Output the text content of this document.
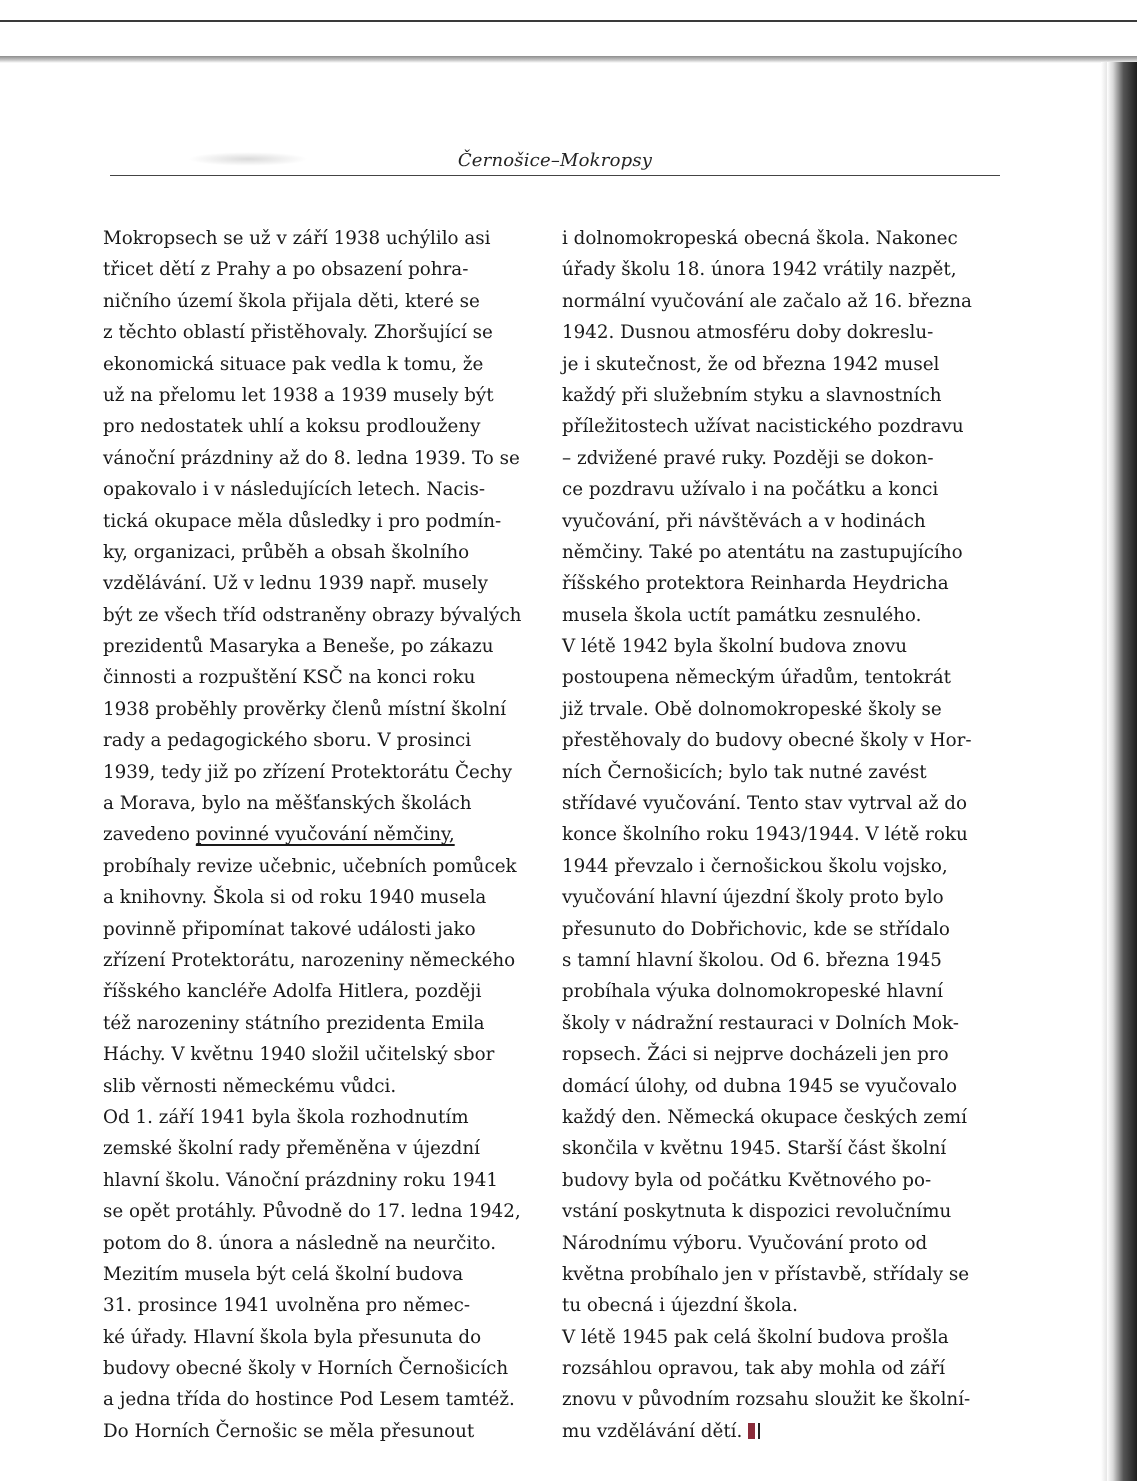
Černošice–Mokropsy
Mokropsech se už v září 1938 uchýlilo asi
třicet dětí z Prahy a po obsazení pohra-
ničního území škola přijala děti, které se
z těchto oblastí přistěhovaly. Zhoršující se
ekonomická situace pak vedla k tomu, že
už na přelomu let 1938 a 1939 musely být
pro nedostatek uhlí a koksu prodlouženy
vánoční prázdniny až do 8. ledna 1939. To se
opakovalo i v následujících letech. Nacis-
tická okupace měla důsledky i pro podmín-
ky, organizaci, průběh a obsah školního
vzdělávání. Už v lednu 1939 např. musely
být ze všech tříd odstraněny obrazy bývalých
prezidentů Masaryka a Beneše, po zákazu
činnosti a rozpuštění KSČ na konci roku
1938 proběhly prověrky členů místní školní
rady a pedagogického sboru. V prosinci
1939, tedy již po zřízení Protektorátu Čechy
a Morava, bylo na měšťanských školách
zavedeno povinné vyučování němčiny,
probíhaly revize učebnic, učebních pomůcek
a knihovny. Škola si od roku 1940 musela
povinně připomínat takové události jako
zřízení Protektorátu, narozeniny německého
říšského kancléře Adolfa Hitlera, později
též narozeniny státního prezidenta Emila
Háchy. V květnu 1940 složil učitelský sbor
slib věrnosti německému vůdci.
Od 1. září 1941 byla škola rozhodnutím
zemské školní rady přeměněna v újezdní
hlavní školu. Vánoční prázdniny roku 1941
se opět protáhly. Původně do 17. ledna 1942,
potom do 8. února a následně na neurčito.
Mezitím musela být celá školní budova
31. prosince 1941 uvolněna pro němec-
ké úřady. Hlavní škola byla přesunuta do
budovy obecné školy v Horních Černošicích
a jedna třída do hostince Pod Lesem tamtéž.
Do Horních Černošic se měla přesunout
i dolnomokropeská obecná škola. Nakonec
úřady školu 18. února 1942 vrátily nazpět,
normální vyučování ale začalo až 16. března
1942. Dusnou atmosféru doby dokreslu-
je i skutečnost, že od března 1942 musel
každý při služebním styku a slavnostních
příležitostech užívat nacistického pozdravu
– zdvižené pravé ruky. Později se dokon-
ce pozdravu užívalo i na počátku a konci
vyučování, při návštěvách a v hodinách
němčiny. Také po atentátu na zastupujícího
říšského protektora Reinharda Heydricha
musela škola uctít památku zesnulého.
V létě 1942 byla školní budova znovu
postoupena německým úřadům, tentokrát
již trvale. Obě dolnomokropeské školy se
přestěhovaly do budovy obecné školy v Hor-
ních Černošicích; bylo tak nutné zavést
střídavé vyučování. Tento stav vytrval až do
konce školního roku 1943/1944. V létě roku
1944 převzalo i černošickou školu vojsko,
vyučování hlavní újezdní školy proto bylo
přesunuto do Dobřichovic, kde se střídalo
s tamní hlavní školou. Od 6. března 1945
probíhala výuka dolnomokropeské hlavní
školy v nádražní restauraci v Dolních Mok-
ropsech. Žáci si nejprve docházeli jen pro
domácí úlohy, od dubna 1945 se vyučovalo
každý den. Německá okupace českých zemí
skončila v květnu 1945. Starší část školní
budovy byla od počátku Květnového po-
vstání poskytnuta k dispozici revolučnímu
Národnímu výboru. Vyučování proto od
května probíhalo jen v přístavbě, střídaly se
tu obecná i újezdní škola.
V létě 1945 pak celá školní budova prošla
rozsáhlou opravou, tak aby mohla od září
znovu v původním rozsahu sloužit ke školní-
mu vzdělávání dětí.
